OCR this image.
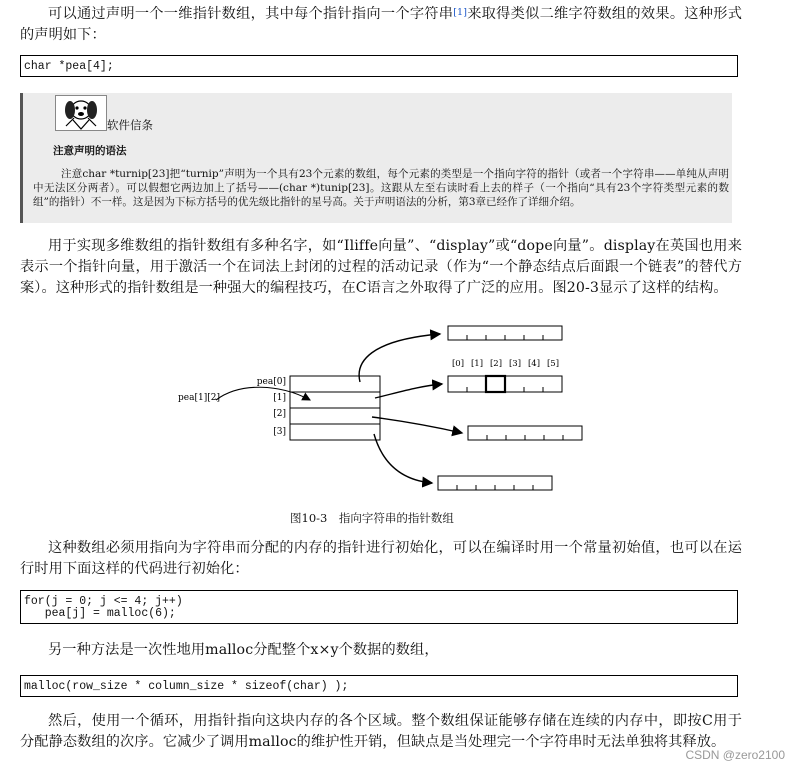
可以通过声明一个一维指针数组，其中每个指针指向一个字符串[1]来取得类似二维字符数组的效果。这种形式的声明如下：

char *pea[4];
软件信条
注意声明的语法

注意char *turnip[23]把“turnip”声明为一个具有23个元素的数组，每个元素的类型是一个指向字符的指针（或者一个字符串——单纯从声明中无法区分两者）。可以假想它两边加上了括号——(char *)tunip[23]。这跟从左至右读时看上去的样子（一个指向“具有23个字符类型元素的数组”的指针）不一样。这是因为下标方括号的优先级比指针的星号高。关于声明语法的分析，第3章已经作了详细介绍。

用于实现多维数组的指针数组有多种名字，如“Iliffe向量”、“display”或“dope向量”。display在英国也用来表示一个指针向量，用于激活一个在词法上封闭的过程的活动记录（作为“一个静态结点后面跟一个链表”的替代方案）。这种形式的指针数组是一种强大的编程技巧，在C语言之外取得了广泛的应用。图20-3显示了这样的结构。

pea[0]
[1]
[2]
[3]
pea[1][2]
[0] [1] [2] [3] [4] [5]
图10-3　指向字符串的指针数组

这种数组必须用指向为字符串而分配的内存的指针进行初始化，可以在编译时用一个常量初始值，也可以在运行时用下面这样的代码进行初始化：

for(j = 0; j <= 4; j++)
pea[j] = malloc(6);

另一种方法是一次性地用malloc分配整个x×y个数据的数组，

malloc(row_size * column_size * sizeof(char) );

然后，使用一个循环，用指针指向这块内存的各个区域。整个数组保证能够存储在连续的内存中，即按C用于分配静态数组的次序。它减少了调用malloc的维护性开销，但缺点是当处理完一个字符串时无法单独将其释放。

CSDN @zero2100
